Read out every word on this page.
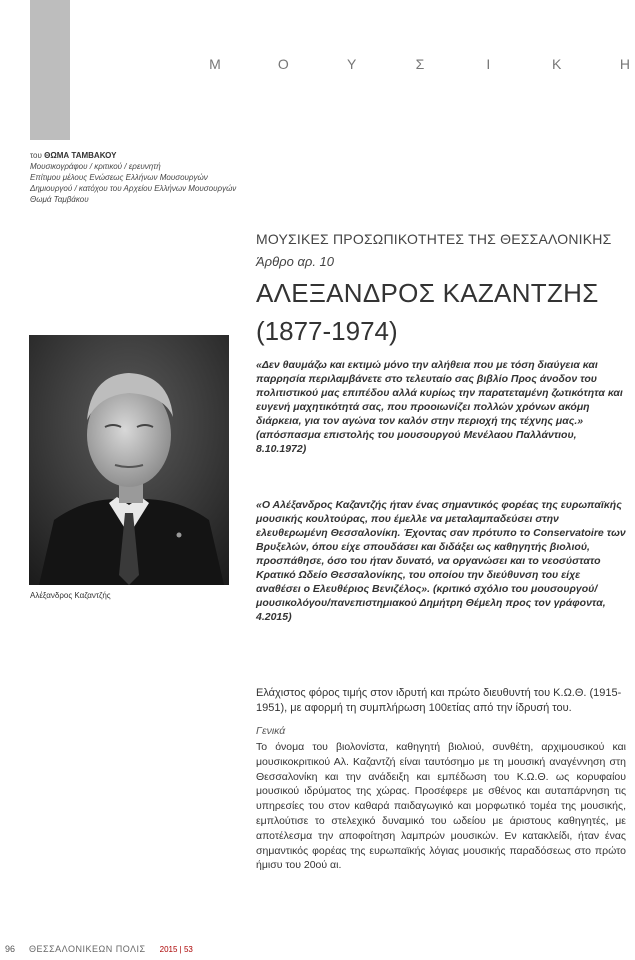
Μ	Ο	Υ	Σ	Ι	Κ	Η
του ΘΩΜΑ ΤΑΜΒΑΚΟΥ
Μουσικογράφου / κριτικού / ερευνητή
Επίτιμου μέλους Ενώσεως Ελλήνων Μουσουργών
Δημιουργού / κατόχου του Αρχείου Ελλήνων Μουσουργών
Θωμά Ταμβάκου
ΜΟΥΣΙΚΕΣ ΠΡΟΣΩΠΙΚΟΤΗΤΕΣ ΤΗΣ ΘΕΣΣΑΛΟΝΙΚΗΣ
Άρθρο αρ. 10
ΑΛΕΞΑΝΔΡΟΣ ΚΑΖΑΝΤΖΗΣ
(1877-1974)
Αλέξανδρος Καζαντζής
«Δεν θαυμάζω και εκτιμώ μόνο την αλήθεια που με τόση διαύγεια και παρρησία περιλαμβάνετε στο τελευταίο σας βιβλίο Προς άνοδον του πολιτιστικού μας επιπέδου αλλά κυρίως την παρατεταμένη ζωτικότητα και ευγενή μαχητικότητά σας, που προοιωνίζει πολλών χρόνων ακόμη διάρκεια, για τον αγώνα τον καλόν στην περιοχή της τέχνης μας.» (απόσπασμα επιστολής του μουσουργού Μενέλαου Παλλάντιου, 8.10.1972)
«Ο Αλέξανδρος Καζαντζής ήταν ένας σημαντικός φορέας της ευρωπαϊκής μουσικής κουλτούρας, που έμελλε να μεταλαμπαδεύσει στην ελευθερωμένη Θεσσαλονίκη. Έχοντας σαν πρότυπο το Conservatoire των Βρυξελών, όπου είχε σπουδάσει και διδάξει ως καθηγητής βιολιού, προσπάθησε, όσο του ήταν δυνατό, να οργανώσει και το νεοσύστατο Κρατικό Ωδείο Θεσσαλονίκης, του οποίου την διεύθυνση του είχε αναθέσει ο Ελευθέριος Βενιζέλος». (κριτικό σχόλιο του μουσουργού/μουσικολόγου/πανεπιστημιακού Δημήτρη Θέμελη προς τον γράφοντα, 4.2015)
Ελάχιστος φόρος τιμής στον ιδρυτή και πρώτο διευθυντή του Κ.Ω.Θ. (1915-1951), με αφορμή τη συμπλήρωση 100ετίας από την ίδρυσή του.
Γενικά
Το όνομα του βιολονίστα, καθηγητή βιολιού, συνθέτη, αρχιμουσικού και μουσικοκριτικού Αλ. Καζαντζή είναι ταυτόσημο με τη μουσική αναγέννηση στη Θεσσαλονίκη και την ανάδειξη και εμπέδωση του Κ.Ω.Θ. ως κορυφαίου μουσικού ιδρύματος της χώρας. Προσέφερε με σθένος και αυταπάρνηση τις υπηρεσίες του στον καθαρά παιδαγωγικό και μορφωτικό τομέα της μουσικής, εμπλούτισε το στελεχικό δυναμικό του ωδείου με άριστους καθηγητές, με αποτέλεσμα την αποφοίτηση λαμπρών μουσικών. Εν κατακλείδι, ήταν ένας σημαντικός φορέας της ευρωπαϊκής λόγιας μουσικής παραδόσεως στο πρώτο ήμισυ του 20ού αι.
96 ΘΕΣΣΑΛΟΝΙΚΕΩΝ ΠΟΛΙΣ 2015 | 53
